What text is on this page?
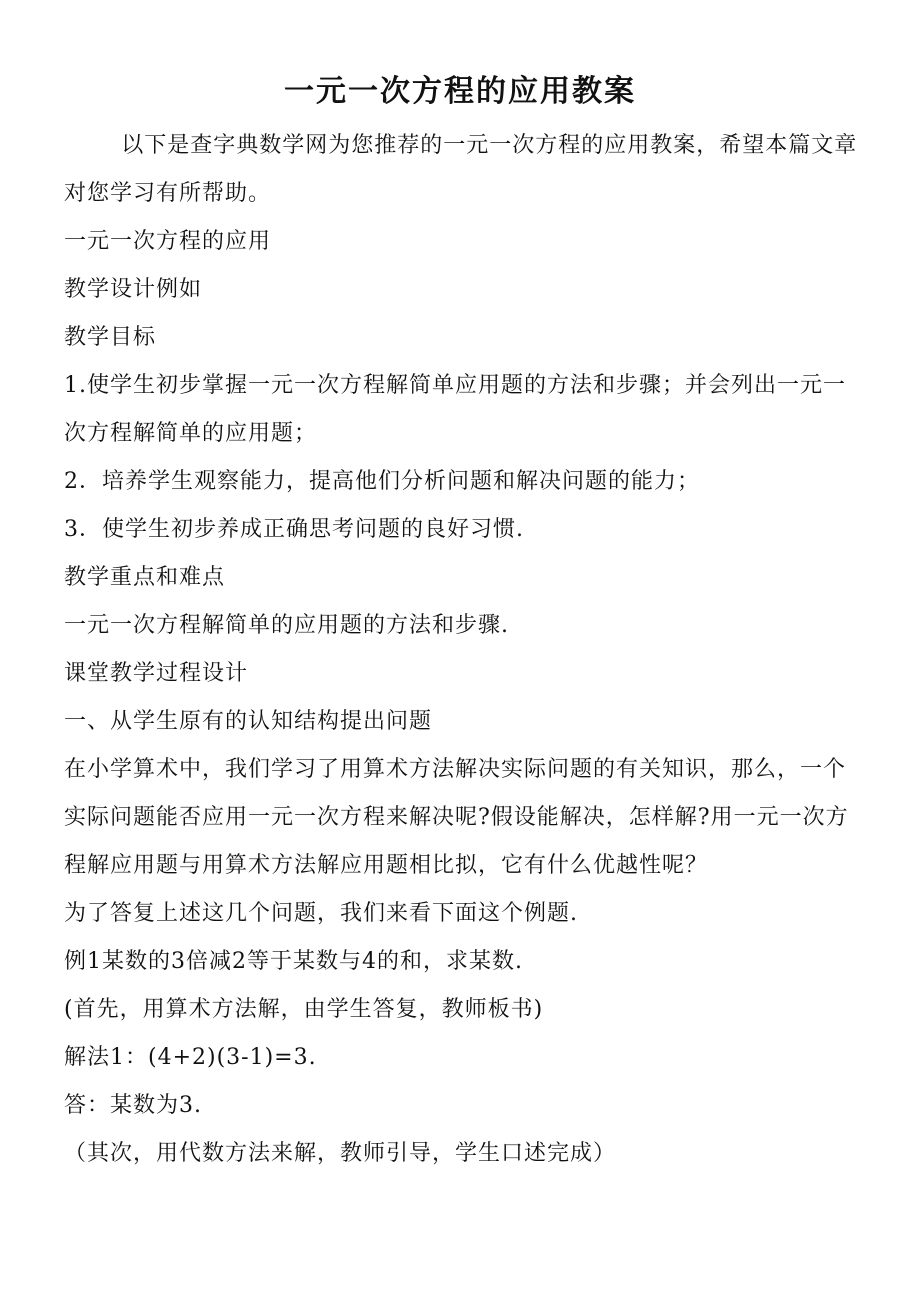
一元一次方程的应用教案

以下是查字典数学网为您推荐的一元一次方程的应用教案，希望本篇文章对您学习有所帮助。

一元一次方程的应用

教学设计例如

教学目标

1.使学生初步掌握一元一次方程解简单应用题的方法和步骤；并会列出一元一次方程解简单的应用题；

2．培养学生观察能力，提高他们分析问题和解决问题的能力；

3．使学生初步养成正确思考问题的良好习惯.

教学重点和难点

一元一次方程解简单的应用题的方法和步骤.

课堂教学过程设计

一、从学生原有的认知结构提出问题

在小学算术中，我们学习了用算术方法解决实际问题的有关知识，那么，一个实际问题能否应用一元一次方程来解决呢?假设能解决，怎样解?用一元一次方程解应用题与用算术方法解应用题相比拟，它有什么优越性呢？

为了答复上述这几个问题，我们来看下面这个例题.

例1某数的3倍减2等于某数与4的和，求某数.

(首先，用算术方法解，由学生答复，教师板书)

解法1：(4+2)(3-1)=3.

答：某数为3.

（其次，用代数方法来解，教师引导，学生口述完成）
